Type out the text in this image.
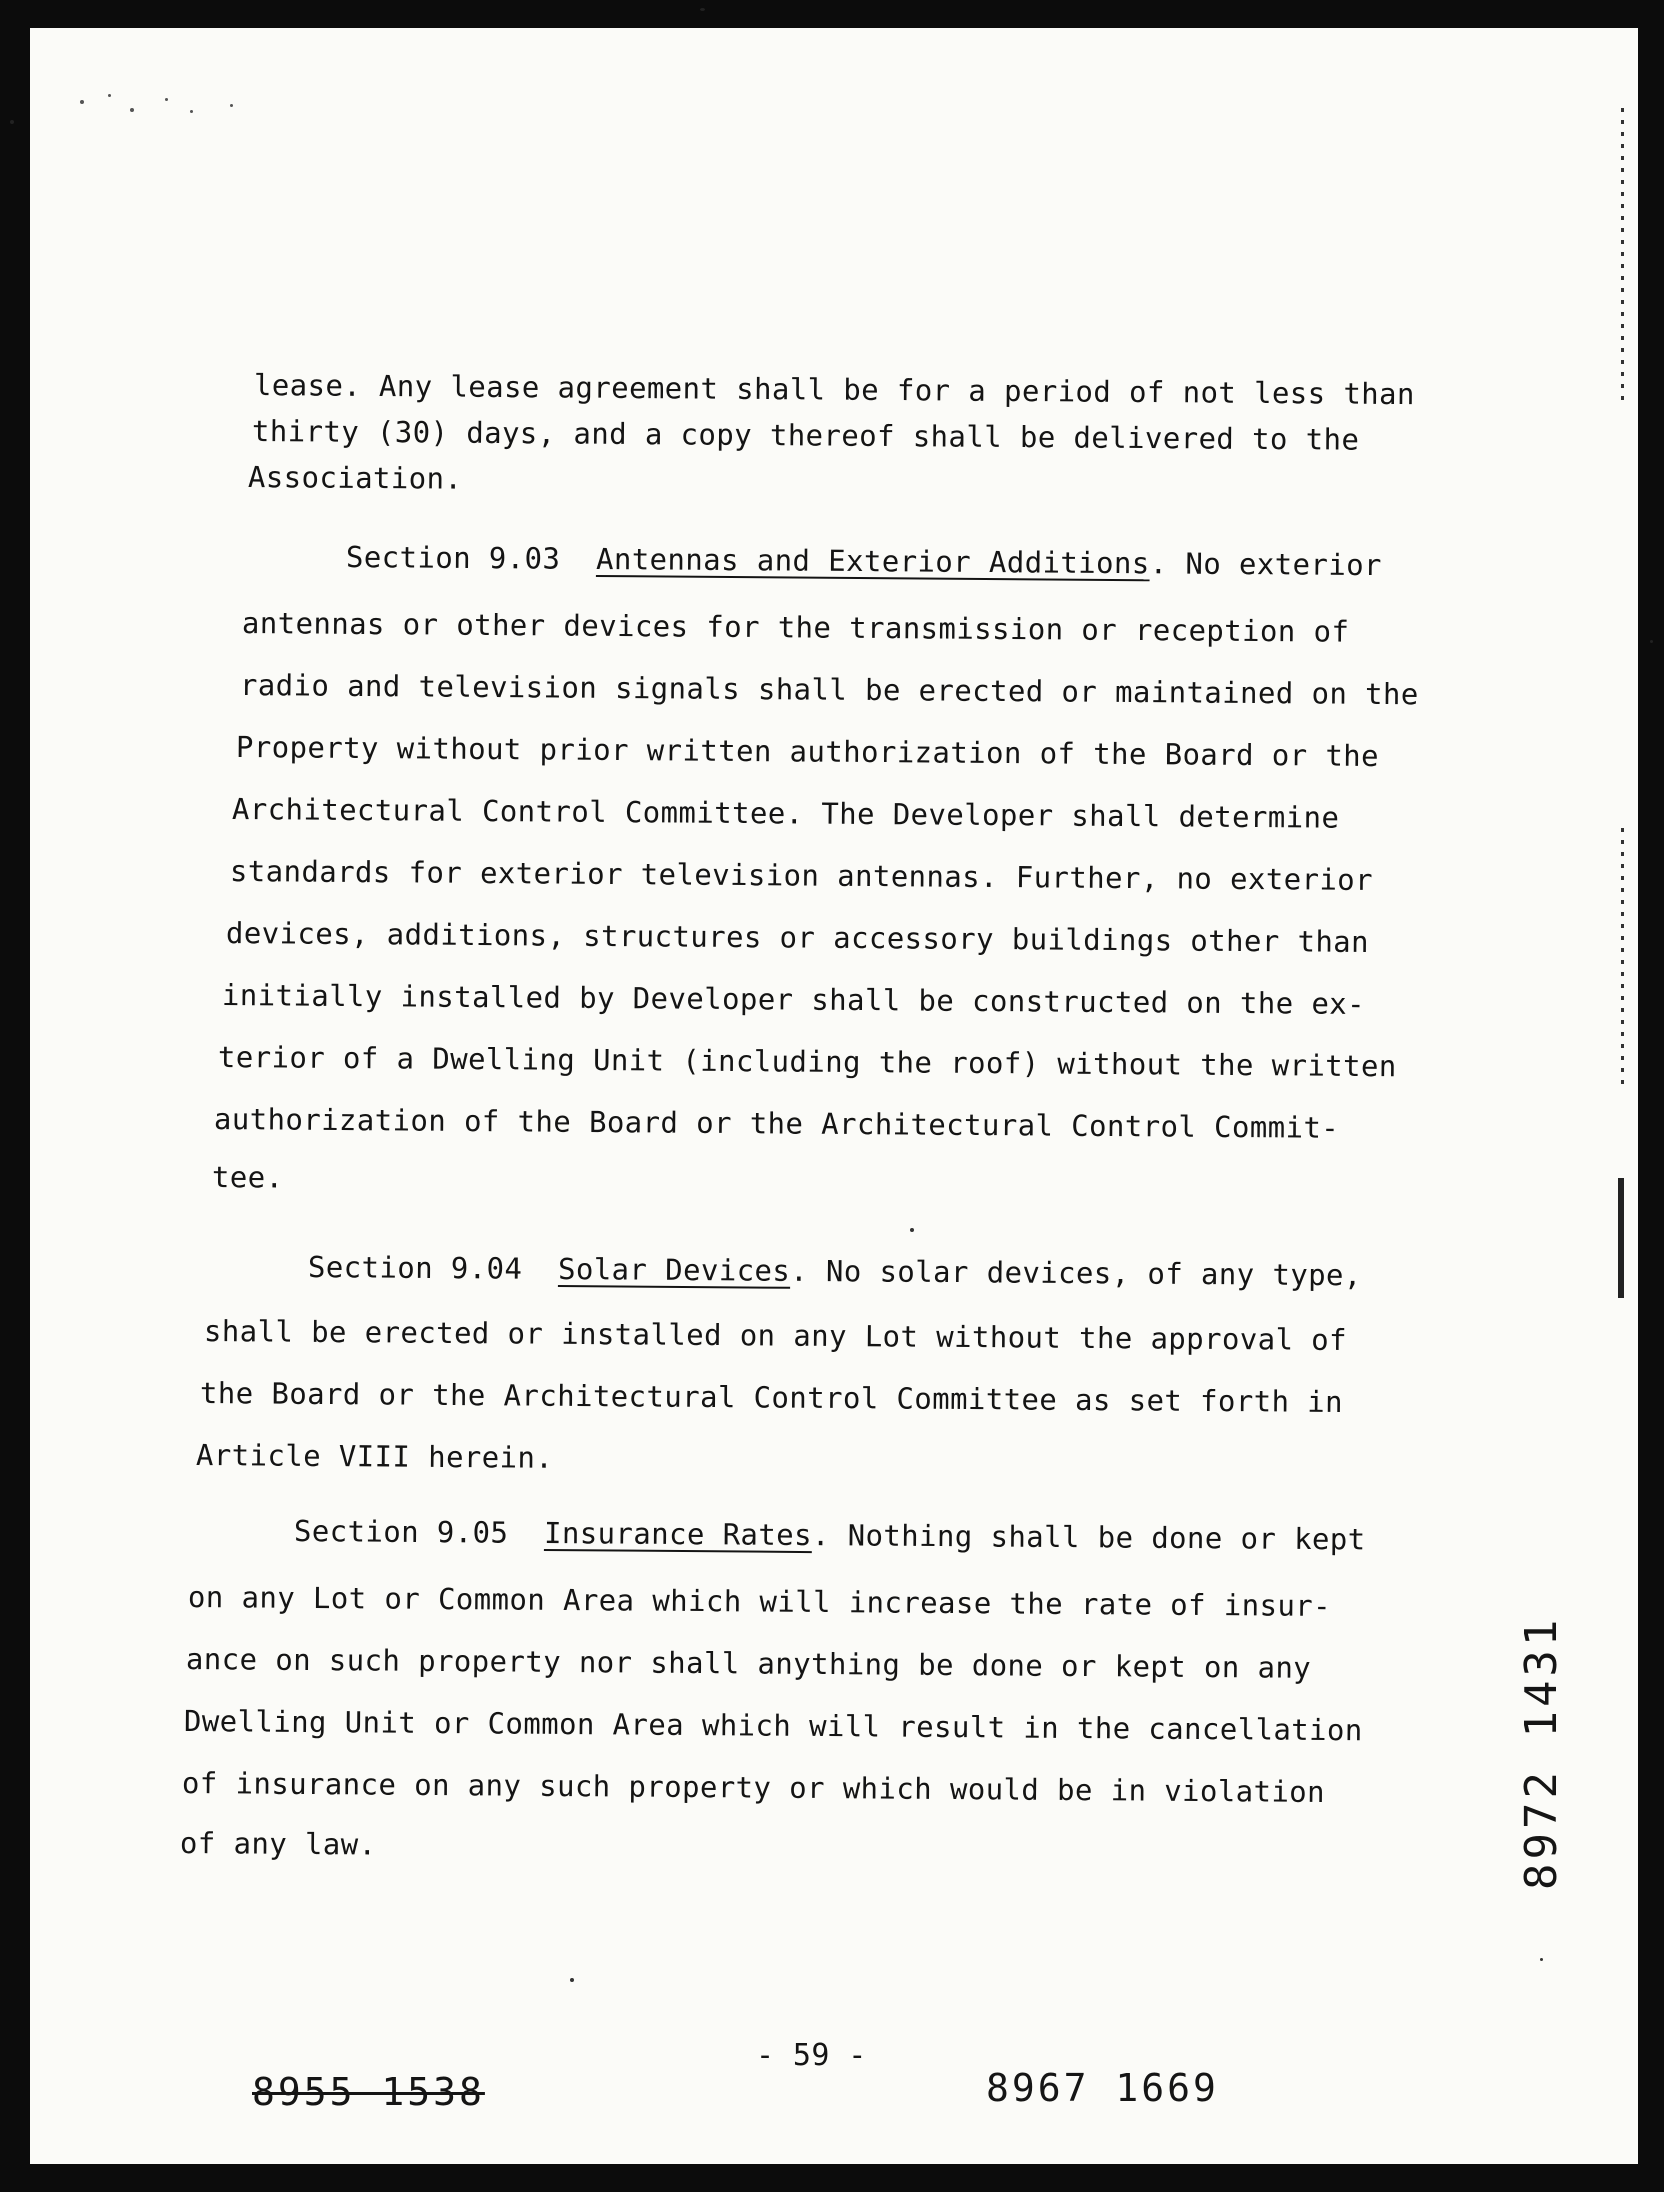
lease. Any lease agreement shall be for a period of not less than
thirty (30) days, and a copy thereof shall be delivered to the
Association.
Section 9.03 Antennas and Exterior Additions. No exterior
antennas or other devices for the transmission or reception of
radio and television signals shall be erected or maintained on the
Property without prior written authorization of the Board or the
Architectural Control Committee. The Developer shall determine
standards for exterior television antennas. Further, no exterior
devices, additions, structures or accessory buildings other than
initially installed by Developer shall be constructed on the ex-
terior of a Dwelling Unit (including the roof) without the written
authorization of the Board or the Architectural Control Commit-
tee.
Section 9.04 Solar Devices. No solar devices, of any type,
shall be erected or installed on any Lot without the approval of
the Board or the Architectural Control Committee as set forth in
Article VIII herein.
Section 9.05 Insurance Rates. Nothing shall be done or kept
on any Lot or Common Area which will increase the rate of insur-
ance on such property nor shall anything be done or kept on any
Dwelling Unit or Common Area which will result in the cancellation
of insurance on any such property or which would be in violation
of any law.
- 59 -
8955 1538	8967 1669
8972 1431
